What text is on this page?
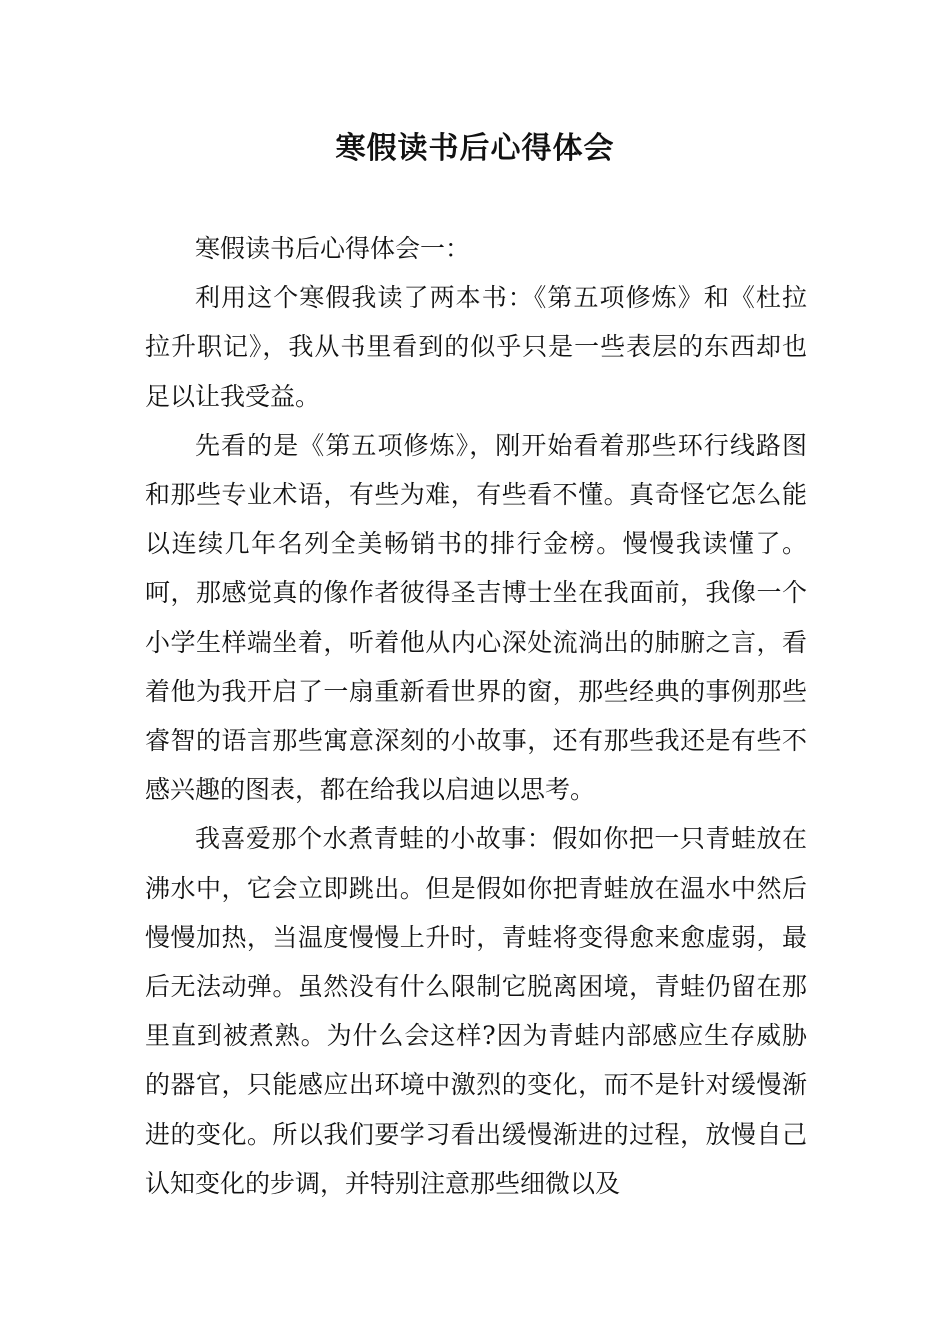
寒假读书后心得体会

寒假读书后心得体会一：

利用这个寒假我读了两本书：《第五项修炼》和《杜拉拉升职记》，我从书里看到的似乎只是一些表层的东西却也足以让我受益。

先看的是《第五项修炼》，刚开始看着那些环行线路图和那些专业术语，有些为难，有些看不懂。真奇怪它怎么能以连续几年名列全美畅销书的排行金榜。慢慢我读懂了。呵，那感觉真的像作者彼得圣吉博士坐在我面前，我像一个小学生样端坐着，听着他从内心深处流淌出的肺腑之言，看着他为我开启了一扇重新看世界的窗，那些经典的事例那些睿智的语言那些寓意深刻的小故事，还有那些我还是有些不感兴趣的图表，都在给我以启迪以思考。

我喜爱那个水煮青蛙的小故事：假如你把一只青蛙放在沸水中，它会立即跳出。但是假如你把青蛙放在温水中然后慢慢加热，当温度慢慢上升时，青蛙将变得愈来愈虚弱，最后无法动弹。虽然没有什么限制它脱离困境，青蛙仍留在那里直到被煮熟。为什么会这样?因为青蛙内部感应生存威胁的器官，只能感应出环境中激烈的变化，而不是针对缓慢渐进的变化。所以我们要学习看出缓慢渐进的过程，放慢自己认知变化的步调，并特别注意那些细微以及
